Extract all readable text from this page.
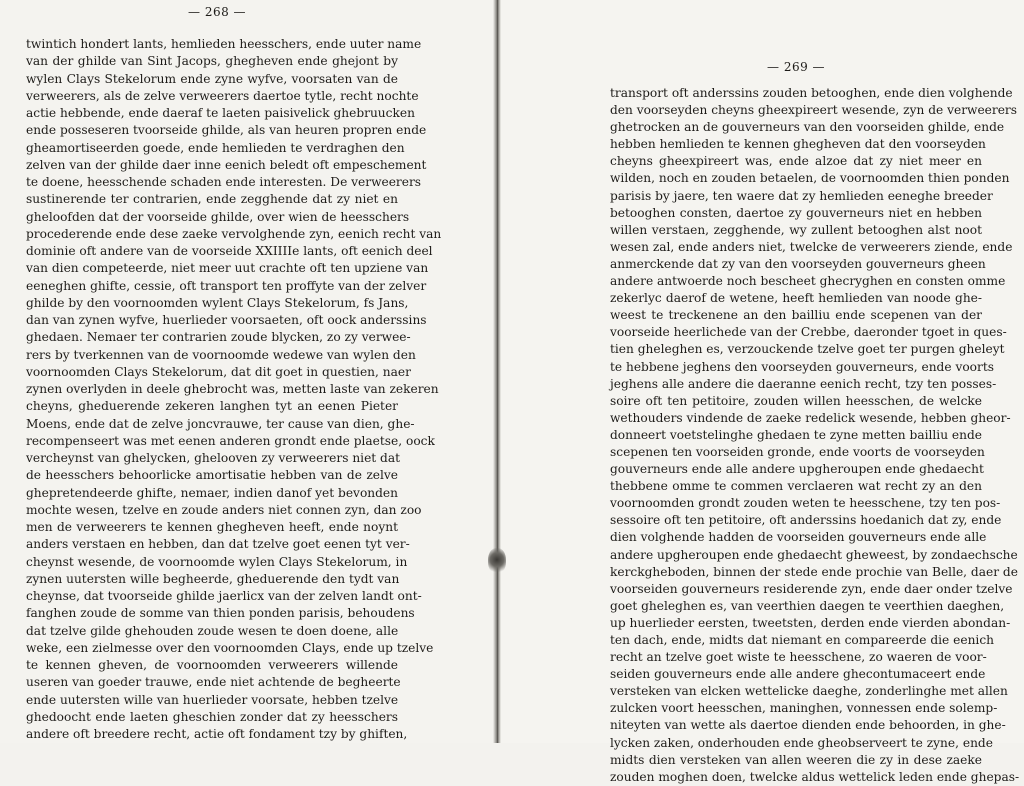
— 268 —
twintich hondert lants, hemlieden heesschers, ende uuter name
van der ghilde van Sint Jacops, ghegheven ende ghejont by
wylen Clays Stekelorum ende zyne wyfve, voorsaten van de
verweerers, als de zelve verweerers daertoe tytle, recht nochte
actie hebbende, ende daeraf te laeten paisivelick ghebruucken
ende posseseren tvoorseide ghilde, als van heuren propren ende
gheamortiseerden goede, ende hemlieden te verdraghen den
zelven van der ghilde daer inne eenich beledt oft empeschement
te doene, heesschende schaden ende interesten. De verweerers
sustinerende ter contrarien, ende zegghende dat zy niet en
gheloofden dat der voorseide ghilde, over wien de heesschers
procederende ende dese zaeke vervolghende zyn, eenich recht van
dominie oft andere van de voorseide XXIIIIe lants, oft eenich deel
van dien competeerde, niet meer uut crachte oft ten upziene van
eeneghen ghifte, cessie, oft transport ten proffyte van der zelver
ghilde by den voornoomden wylent Clays Stekelorum, fs Jans,
dan van zynen wyfve, huerlieder voorsaeten, oft oock anderssins
ghedaen. Nemaer ter contrarien zoude blycken, zo zy verwee-
rers by tverkennen van de voornoomde wedewe van wylen den
voornoomden Clays Stekelorum, dat dit goet in questien, naer
zynen overlyden in deele ghebrocht was, metten laste van zekeren
cheyns, gheduerende zekeren langhen tyt an eenen Pieter
Moens, ende dat de zelve joncvrauwe, ter cause van dien, ghe-
recompenseert was met eenen anderen grondt ende plaetse, oock
vercheynst van ghelycken, ghelooven zy verweerers niet dat
de heesschers behoorlicke amortisatie hebben van de zelve
ghepretendeerde ghifte, nemaer, indien danof yet bevonden
mochte wesen, tzelve en zoude anders niet connen zyn, dan zoo
men de verweerers te kennen ghegheven heeft, ende noynt
anders verstaen en hebben, dan dat tzelve goet eenen tyt ver-
cheynst wesende, de voornoomde wylen Clays Stekelorum, in
zynen uutersten wille begheerde, gheduerende den tydt van
cheynse, dat tvoorseide ghilde jaerlicx van der zelven landt ont-
fanghen zoude de somme van thien ponden parisis, behoudens
dat tzelve gilde ghehouden zoude wesen te doen doene, alle
weke, een zielmesse over den voornoomden Clays, ende up tzelve
te kennen gheven, de voornoomden verweerers willende
useren van goeder trauwe, ende niet achtende de begheerte
ende uutersten wille van huerlieder voorsate, hebben tzelve
ghedoocht ende laeten gheschien zonder dat zy heesschers
andere oft breedere recht, actie oft fondament tzy by ghiften,
— 269 —
transport oft anderssins zouden betooghen, ende dien volghende
den voorseyden cheyns gheexpireert wesende, zyn de verweerers
ghetrocken an de gouverneurs van den voorseiden ghilde, ende
hebben hemlieden te kennen ghegheven dat den voorseyden
cheyns gheexpireert was, ende alzoe dat zy niet meer en
wilden, noch en zouden betaelen, de voornoomden thien ponden
parisis by jaere, ten waere dat zy hemlieden eeneghe breeder
betooghen consten, daertoe zy gouverneurs niet en hebben
willen verstaen, zegghende, wy zullent betooghen alst noot
wesen zal, ende anders niet, twelcke de verweerers ziende, ende
anmerckende dat zy van den voorseyden gouverneurs gheen
andere antwoerde noch bescheet ghecryghen en consten omme
zekerlyc daerof de wetene, heeft hemlieden van noode ghe-
weest te treckenene an den bailliu ende scepenen van der
voorseide heerlichede van der Crebbe, daeronder tgoet in ques-
tien gheleghen es, verzouckende tzelve goet ter purgen gheleyt
te hebbene jeghens den voorseyden gouverneurs, ende voorts
jeghens alle andere die daeranne eenich recht, tzy ten posses-
soire oft ten petitoire, zouden willen heesschen, de welcke
wethouders vindende de zaeke redelick wesende, hebben gheor-
donneert voetstelinghe ghedaen te zyne metten bailliu ende
scepenen ten voorseiden gronde, ende voorts de voorseyden
gouverneurs ende alle andere upgheroupen ende ghedaecht
thebbene omme te commen verclaeren wat recht zy an den
voornoomden grondt zouden weten te heesschene, tzy ten pos-
sessoire oft ten petitoire, oft anderssins hoedanich dat zy, ende
dien volghende hadden de voorseiden gouverneurs ende alle
andere upgheroupen ende ghedaecht gheweest, by zondaechsche
kerckgheboden, binnen der stede ende prochie van Belle, daer de
voorseiden gouverneurs residerende zyn, ende daer onder tzelve
goet gheleghen es, van veerthien daegen te veerthien daeghen,
up huerlieder eersten, tweetsten, derden ende vierden abondan-
ten dach, ende, midts dat niemant en compareerde die eenich
recht an tzelve goet wiste te heesschene, zo waeren de voor-
seiden gouverneurs ende alle andere ghecontumaceert ende
versteken van elcken wettelicke daeghe, zonderlinghe met allen
zulcken voort heesschen, maninghen, vonnessen ende solemp-
niteyten van wette als daertoe dienden ende behoorden, in ghe-
lycken zaken, onderhouden ende gheobserveert te zyne, ende
midts dien versteken van allen weeren die zy in dese zaeke
zouden moghen doen, twelcke aldus wettelick leden ende ghepas-
